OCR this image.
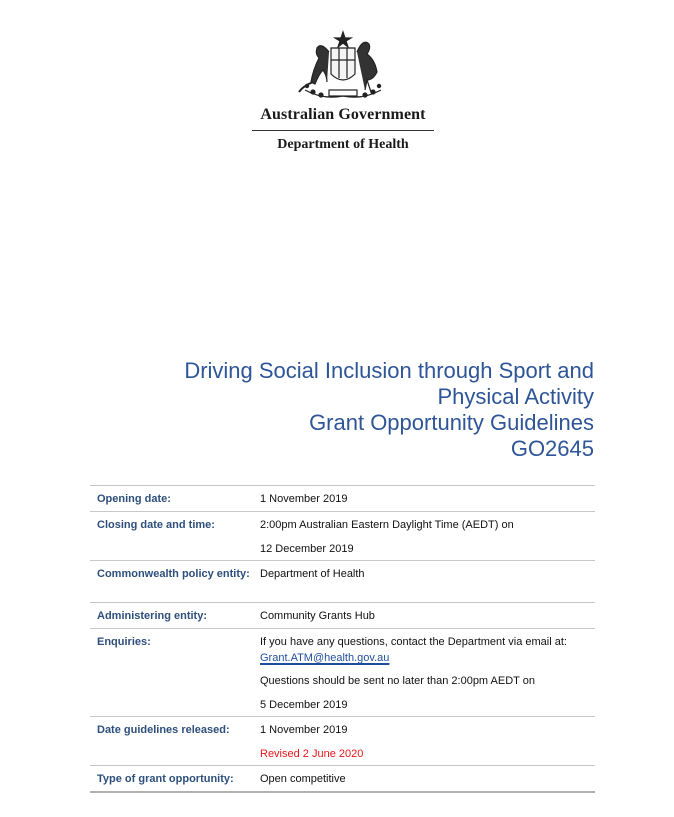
Australian Government
Department of Health
Driving Social Inclusion through Sport and
Physical Activity
Grant Opportunity Guidelines
GO2645
Opening date:	1 November 2019

Closing date and time:	2:00pm Australian Eastern Daylight Time (AEDT) on
12 December 2019

Commonwealth policy entity:	Department of Health

Administering entity:	Community Grants Hub

Enquiries:	If you have any questions, contact the Department via email at:
Grant.ATM@health.gov.au
Questions should be sent no later than 2:00pm AEDT on
5 December 2019

Date guidelines released:	1 November 2019
Revised 2 June 2020

Type of grant opportunity:	Open competitive
